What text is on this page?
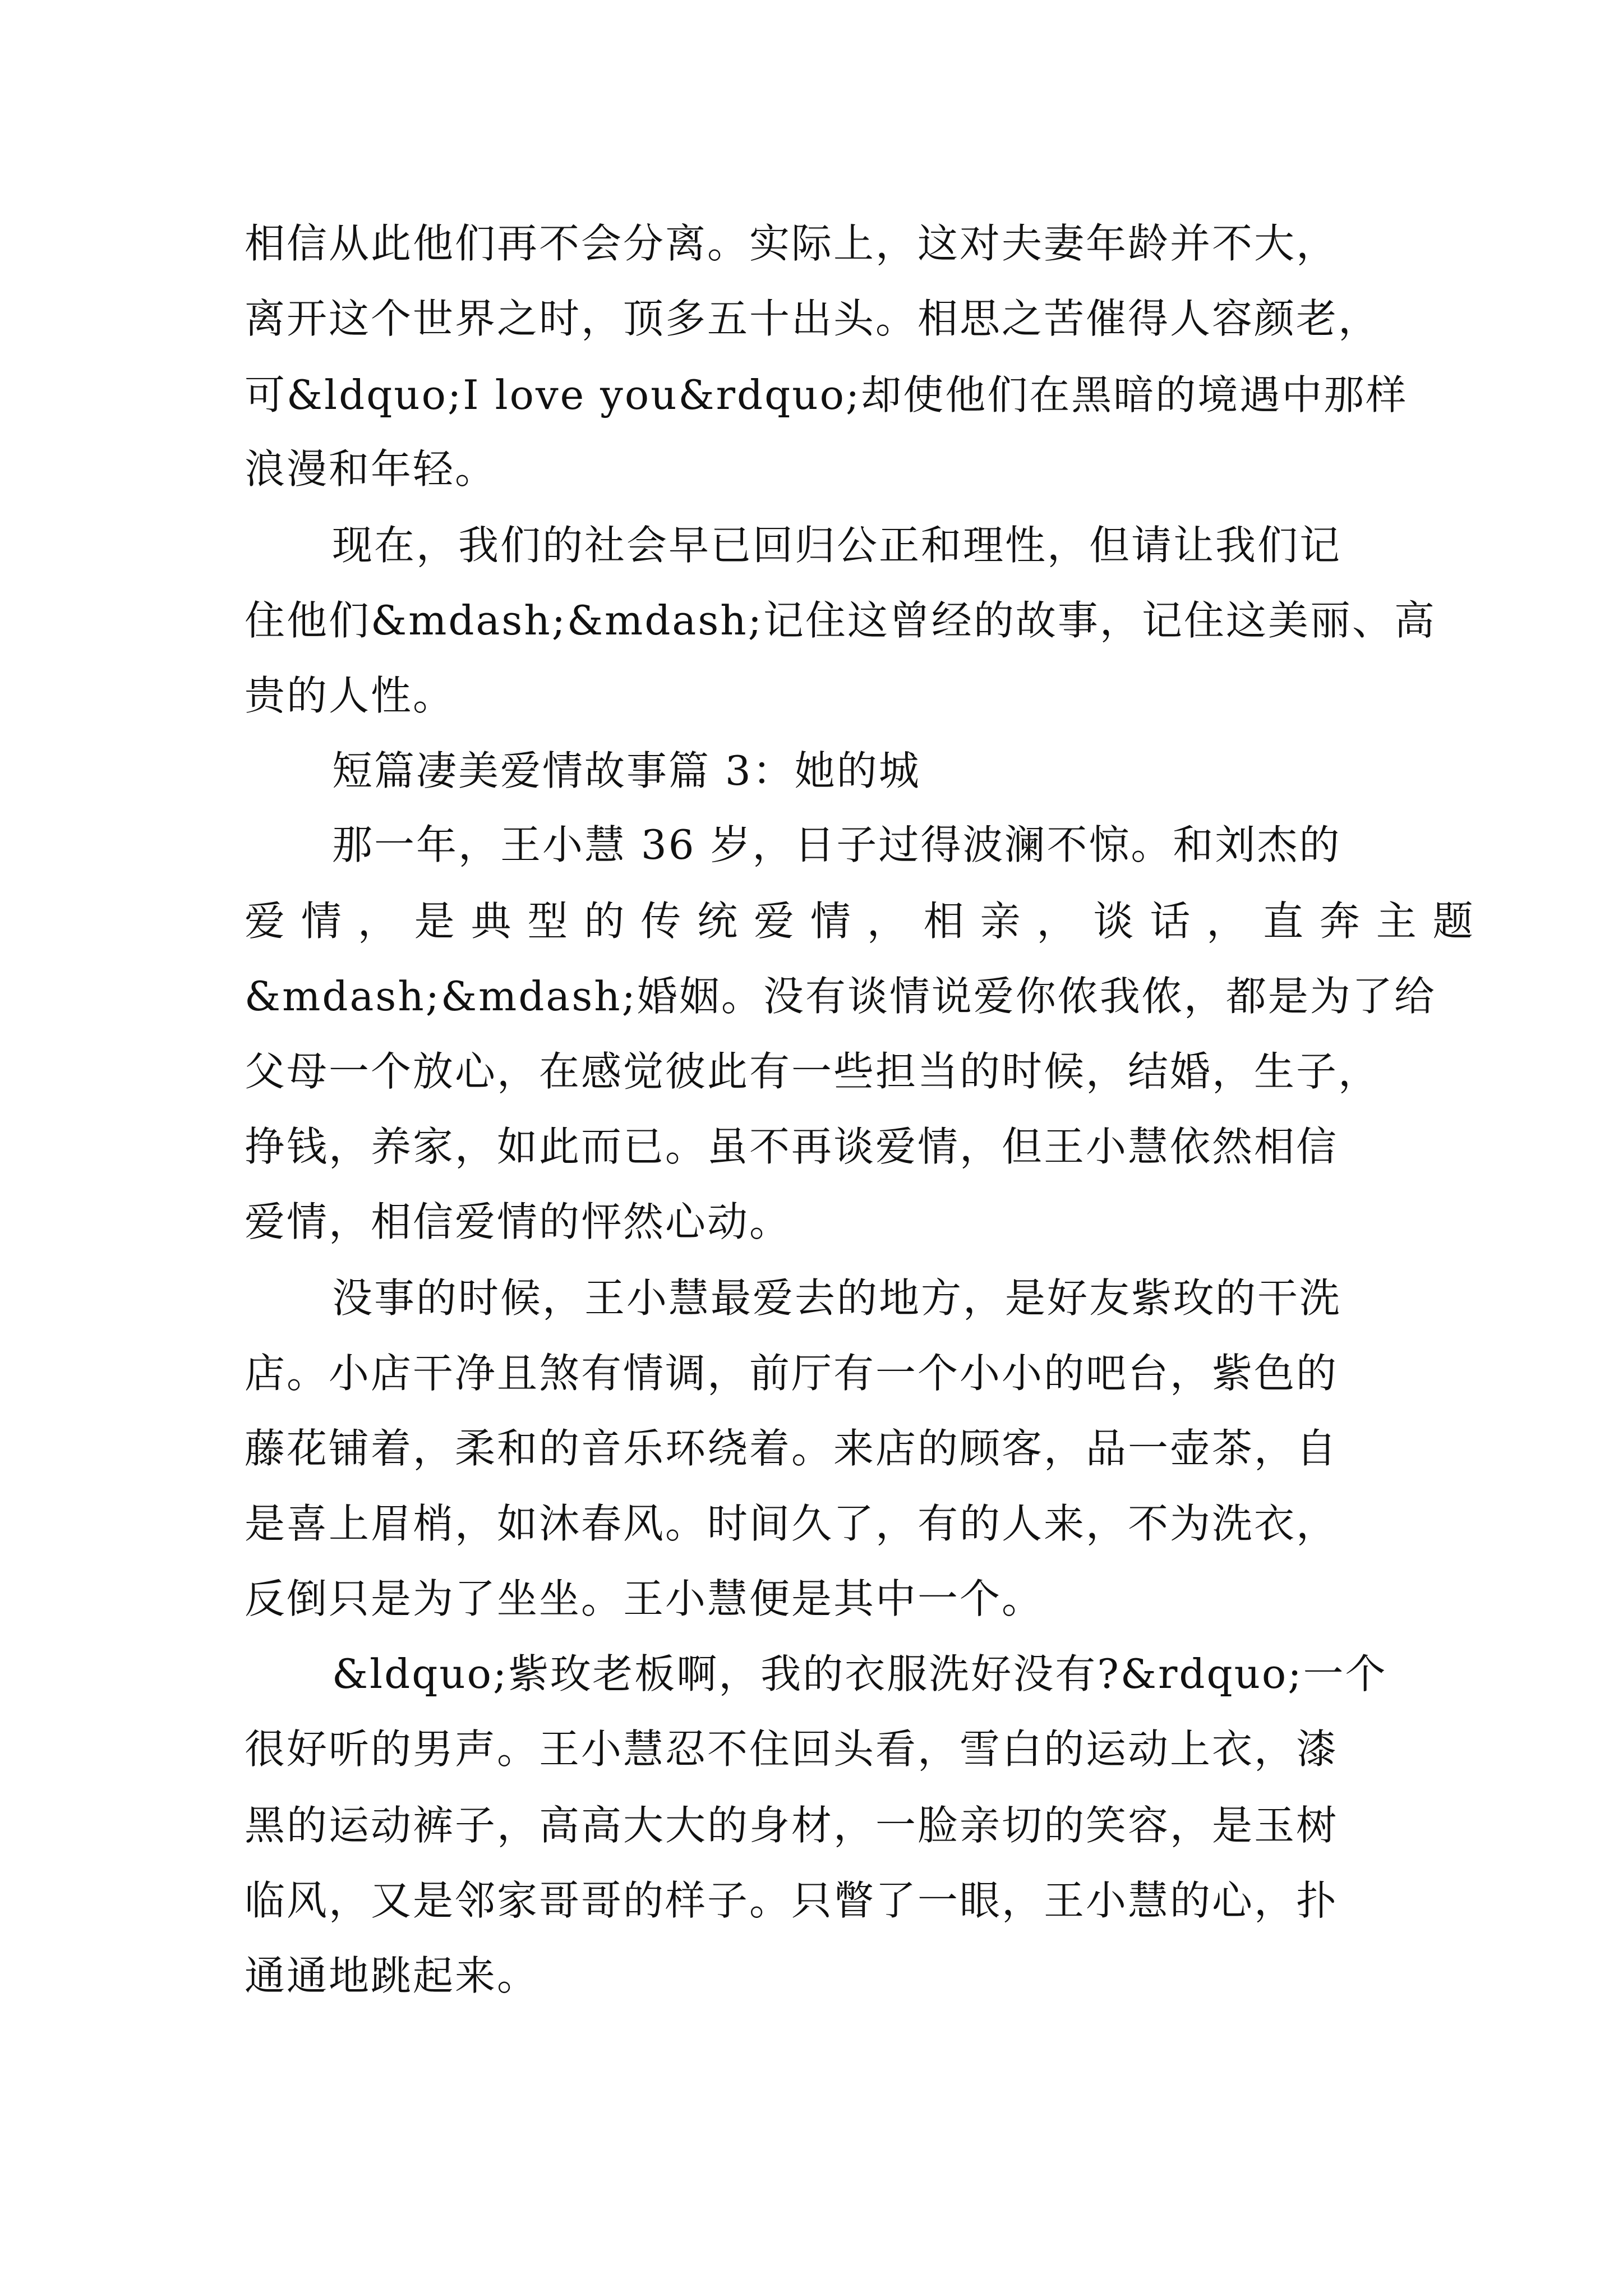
相信从此他们再不会分离。实际上，这对夫妻年龄并不大，
离开这个世界之时，顶多五十出头。相思之苦催得人容颜老，
可&ldquo;I love you&rdquo;却使他们在黑暗的境遇中那样
浪漫和年轻。
现在，我们的社会早已回归公正和理性，但请让我们记
住他们&mdash;&mdash;记住这曾经的故事，记住这美丽、高
贵的人性。
短篇凄美爱情故事篇 3：她的城
那一年，王小慧 36 岁，日子过得波澜不惊。和刘杰的
爱 情 ， 是 典 型 的 传 统 爱 情 ， 相 亲 ， 谈 话 ， 直 奔 主 题
&mdash;&mdash;婚姻。没有谈情说爱你侬我侬，都是为了给
父母一个放心，在感觉彼此有一些担当的时候，结婚，生子，
挣钱，养家，如此而已。虽不再谈爱情，但王小慧依然相信
爱情，相信爱情的怦然心动。
没事的时候，王小慧最爱去的地方，是好友紫玫的干洗
店。小店干净且煞有情调，前厅有一个小小的吧台，紫色的
藤花铺着，柔和的音乐环绕着。来店的顾客，品一壶茶，自
是喜上眉梢，如沐春风。时间久了，有的人来，不为洗衣，
反倒只是为了坐坐。王小慧便是其中一个。
&ldquo;紫玫老板啊，我的衣服洗好没有?&rdquo;一个
很好听的男声。王小慧忍不住回头看，雪白的运动上衣，漆
黑的运动裤子，高高大大的身材，一脸亲切的笑容，是玉树
临风，又是邻家哥哥的样子。只瞥了一眼，王小慧的心，扑
通通地跳起来。
